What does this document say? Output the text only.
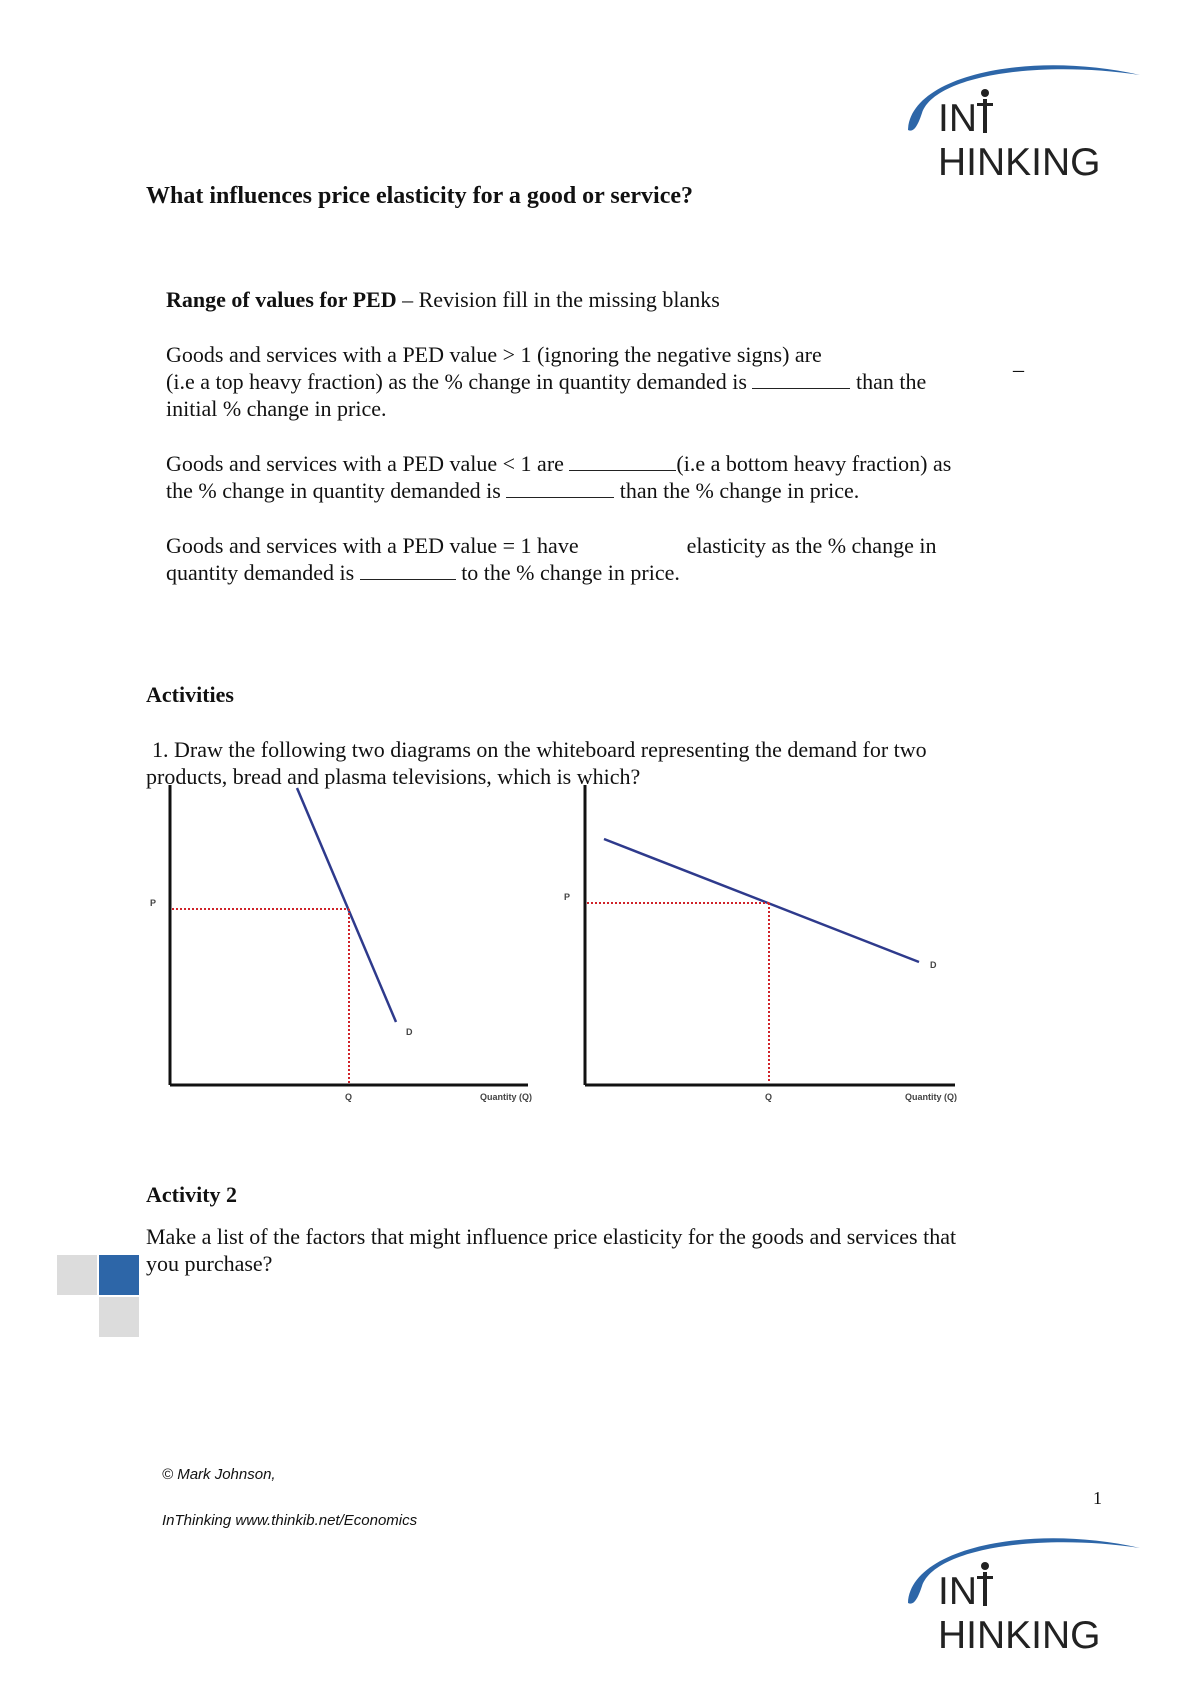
IN
HINKING
What influences price elasticity for a good or service?
Range of values for PED – Revision fill in the missing blanks
Goods and services with a PED value > 1 (ignoring the negative signs) are
(i.e a top heavy fraction) as the % change in quantity demanded is	than the
initial % change in price.
_
Goods and services with a PED value < 1 are	(i.e a bottom heavy fraction) as
the % change in quantity demanded is	than the % change in price.
Goods and services with a PED value = 1 have	elasticity as the % change in
quantity demanded is	to the % change in price.
Activities
1. Draw the following two diagrams on the whiteboard representing the demand for two
products, bread and plasma televisions, which is which?
P
Q
D
Quantity (Q)
P
Q
D
Quantity (Q)
Activity 2
Make a list of the factors that might influence price elasticity for the goods and services that
you purchase?
© Mark Johnson,
1
InThinking www.thinkib.net/Economics
IN
HINKING
